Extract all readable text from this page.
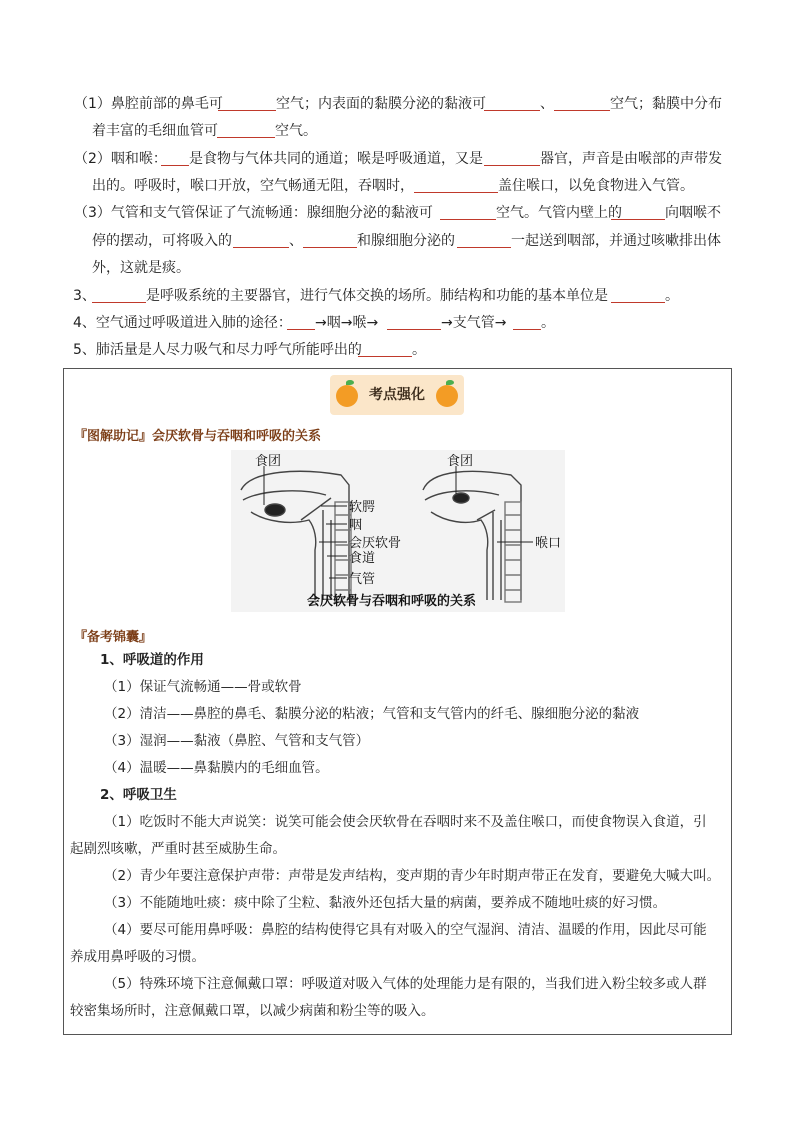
（1）鼻腔前部的鼻毛可	空气；内表面的黏膜分泌的黏液可	、	空气；黏膜中分布
着丰富的毛细血管可	空气。
（2）咽和喉： 是食物与气体共同的通道；喉是呼吸通道，又是	器官，声音是由喉部的声带发
出的。呼吸时，喉口开放，空气畅通无阻，吞咽时，	盖住喉口，以免食物进入气管。
（3）气管和支气管保证了气流畅通：腺细胞分泌的黏液可	空气。气管内壁上的	向咽喉不
停的摆动，可将吸入的	、	和腺细胞分泌的	一起送到咽部，并通过咳嗽排出体
外，这就是痰。
3、	是呼吸系统的主要器官，进行气体交换的场所。肺结构和功能的基本单位是	。
4、空气通过呼吸道进入肺的途径： →咽→喉→	→支气管→ 。
5、肺活量是人尽力吸气和尽力呼气所能呼出的	。
考点强化
『图解助记』会厌软骨与吞咽和呼吸的关系
食团	食团
软腭
咽
会厌软骨
食道
气管
喉口
会厌软骨与吞咽和呼吸的关系
『备考锦囊』
1、呼吸道的作用
（1）保证气流畅通——骨或软骨
（2）清洁——鼻腔的鼻毛、黏膜分泌的粘液；气管和支气管内的纤毛、腺细胞分泌的黏液
（3）湿润——黏液（鼻腔、气管和支气管）
（4）温暖——鼻黏膜内的毛细血管。
2、呼吸卫生
（1）吃饭时不能大声说笑：说笑可能会使会厌软骨在吞咽时来不及盖住喉口，而使食物误入食道，引
起剧烈咳嗽，严重时甚至威胁生命。
（2）青少年要注意保护声带：声带是发声结构，变声期的青少年时期声带正在发育，要避免大喊大叫。
（3）不能随地吐痰：痰中除了尘粒、黏液外还包括大量的病菌，要养成不随地吐痰的好习惯。
（4）要尽可能用鼻呼吸：鼻腔的结构使得它具有对吸入的空气湿润、清洁、温暖的作用，因此尽可能
养成用鼻呼吸的习惯。
（5）特殊环境下注意佩戴口罩：呼吸道对吸入气体的处理能力是有限的，当我们进入粉尘较多或人群
较密集场所时，注意佩戴口罩，以减少病菌和粉尘等的吸入。
